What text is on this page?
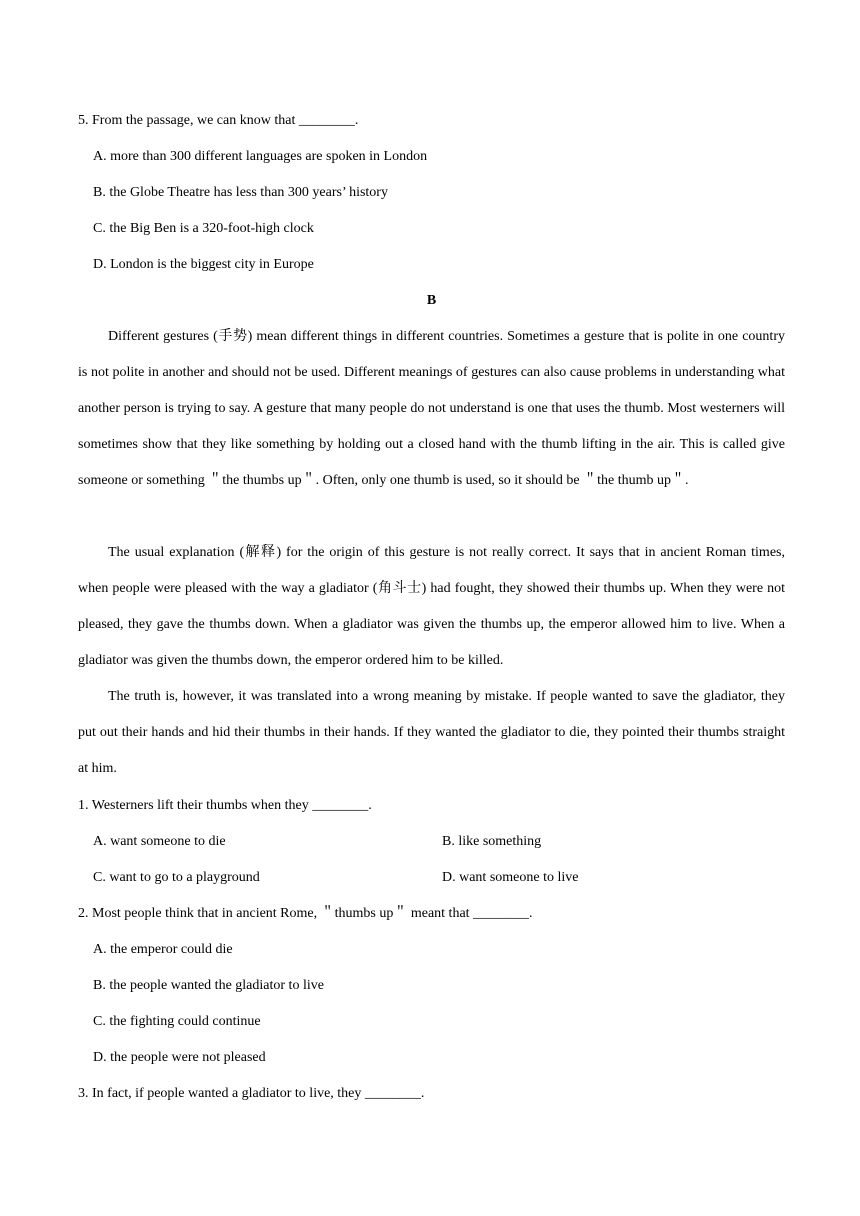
5. From the passage, we can know that ________.
A. more than 300 different languages are spoken in London
B. the Globe Theatre has less than 300 years’ history
C. the Big Ben is a 320-foot-high clock
D. London is the biggest city in Europe
B
Different gestures (手势) mean different things in different countries. Sometimes a gesture that is polite in one country is not polite in another and should not be used. Different meanings of gestures can also cause problems in understanding what another person is trying to say. A gesture that many people do not understand is one that uses the thumb. Most westerners will sometimes show that they like something by holding out a closed hand with the thumb lifting in the air. This is called give someone or something ＂the thumbs up＂. Often, only one thumb is used, so it should be ＂the thumb up＂.
The usual explanation (解释) for the origin of this gesture is not really correct. It says that in ancient Roman times, when people were pleased with the way a gladiator (角斗士) had fought, they showed their thumbs up. When they were not pleased, they gave the thumbs down. When a gladiator was given the thumbs up, the emperor allowed him to live. When a gladiator was given the thumbs down, the emperor ordered him to be killed.
The truth is, however, it was translated into a wrong meaning by mistake. If people wanted to save the gladiator, they put out their hands and hid their thumbs in their hands. If they wanted the gladiator to die, they pointed their thumbs straight at him.
1. Westerners lift their thumbs when they ________.
A. want someone to die	B. like something
C. want to go to a playground	D. want someone to live
2. Most people think that in ancient Rome, ＂thumbs up＂ meant that ________.
A. the emperor could die
B. the people wanted the gladiator to live
C. the fighting could continue
D. the people were not pleased
3. In fact, if people wanted a gladiator to live, they ________.
